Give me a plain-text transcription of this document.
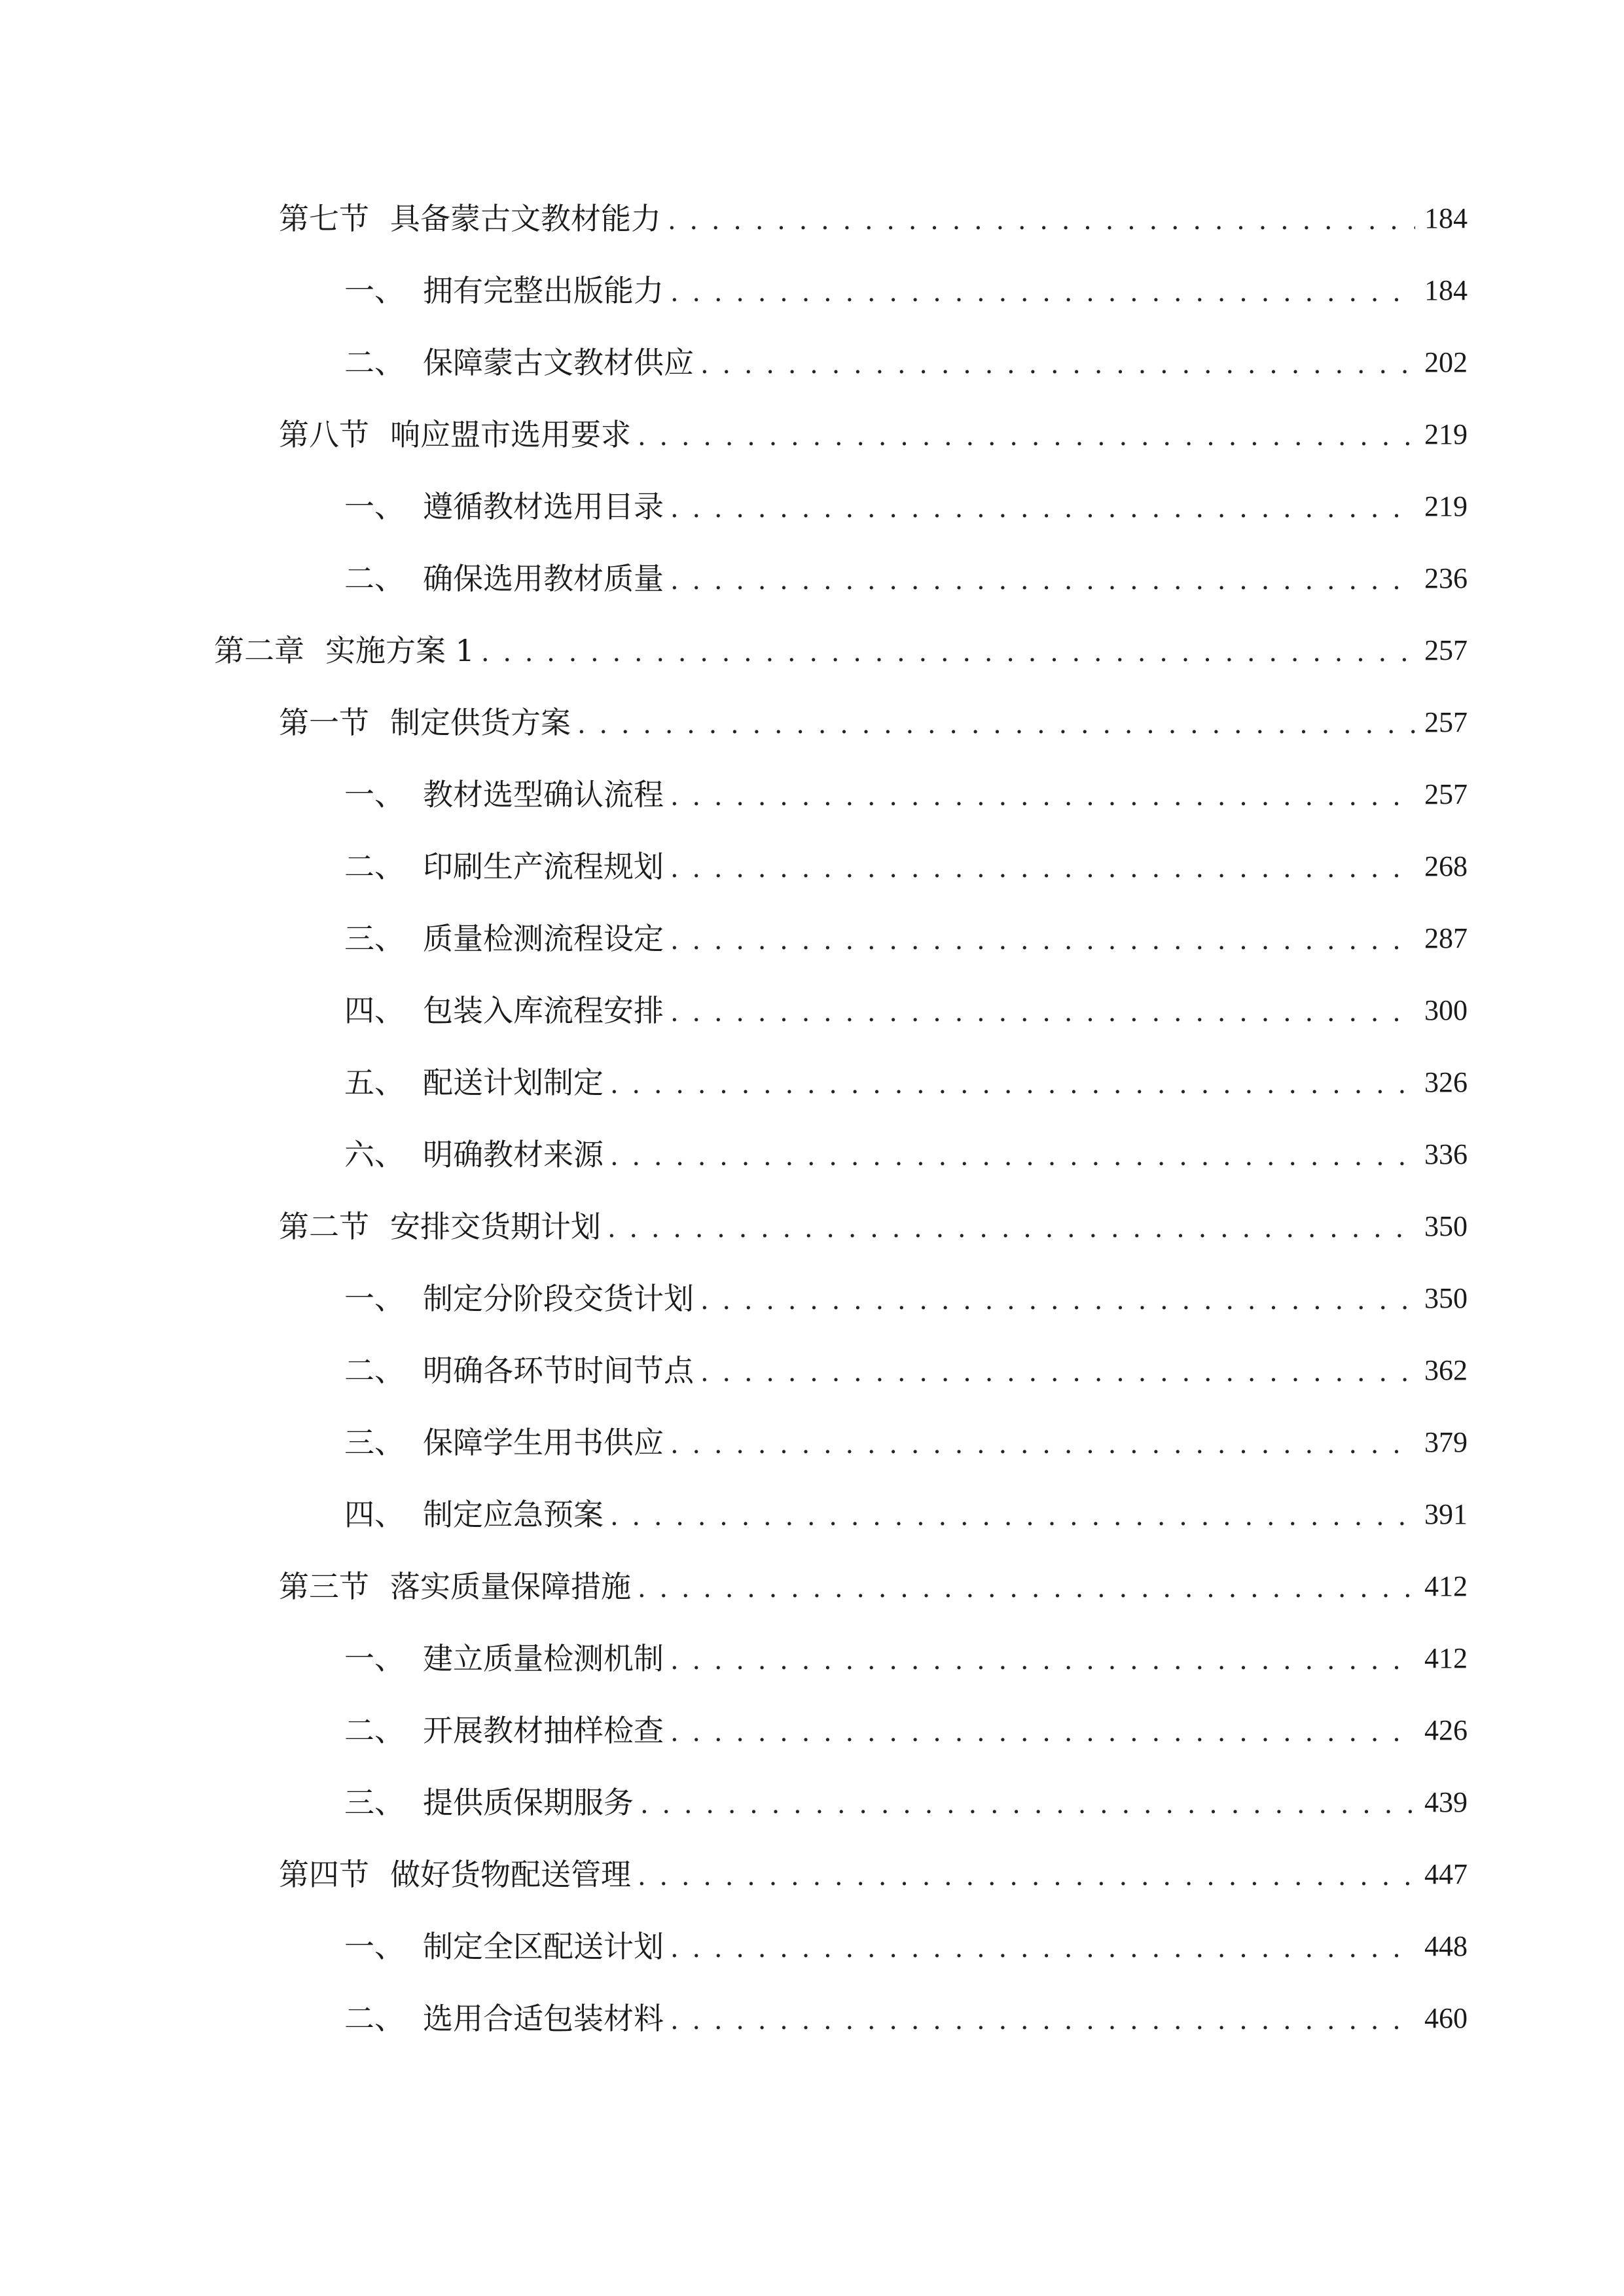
第七节 具备蒙古文教材能力 . . .	184
一、 拥有完整出版能力 . . .	184
二、 保障蒙古文教材供应 . . .	202
第八节 响应盟市选用要求 . . .	219
一、 遵循教材选用目录 . . .	219
二、 确保选用教材质量 . . .	236
第二章 实施方案 1 . . .	257
第一节 制定供货方案 . . .	257
一、 教材选型确认流程 . . .	257
二、 印刷生产流程规划 . . .	268
三、 质量检测流程设定 . . .	287
四、 包装入库流程安排 . . .	300
五、 配送计划制定 . . .	326
六、 明确教材来源 . . .	336
第二节 安排交货期计划 . . .	350
一、 制定分阶段交货计划 . . .	350
二、 明确各环节时间节点 . . .	362
三、 保障学生用书供应 . . .	379
四、 制定应急预案 . . .	391
第三节 落实质量保障措施 . . .	412
一、 建立质量检测机制 . . .	412
二、 开展教材抽样检查 . . .	426
三、 提供质保期服务 . . .	439
第四节 做好货物配送管理 . . .	447
一、 制定全区配送计划 . . .	448
二、 选用合适包装材料 . . .	460
